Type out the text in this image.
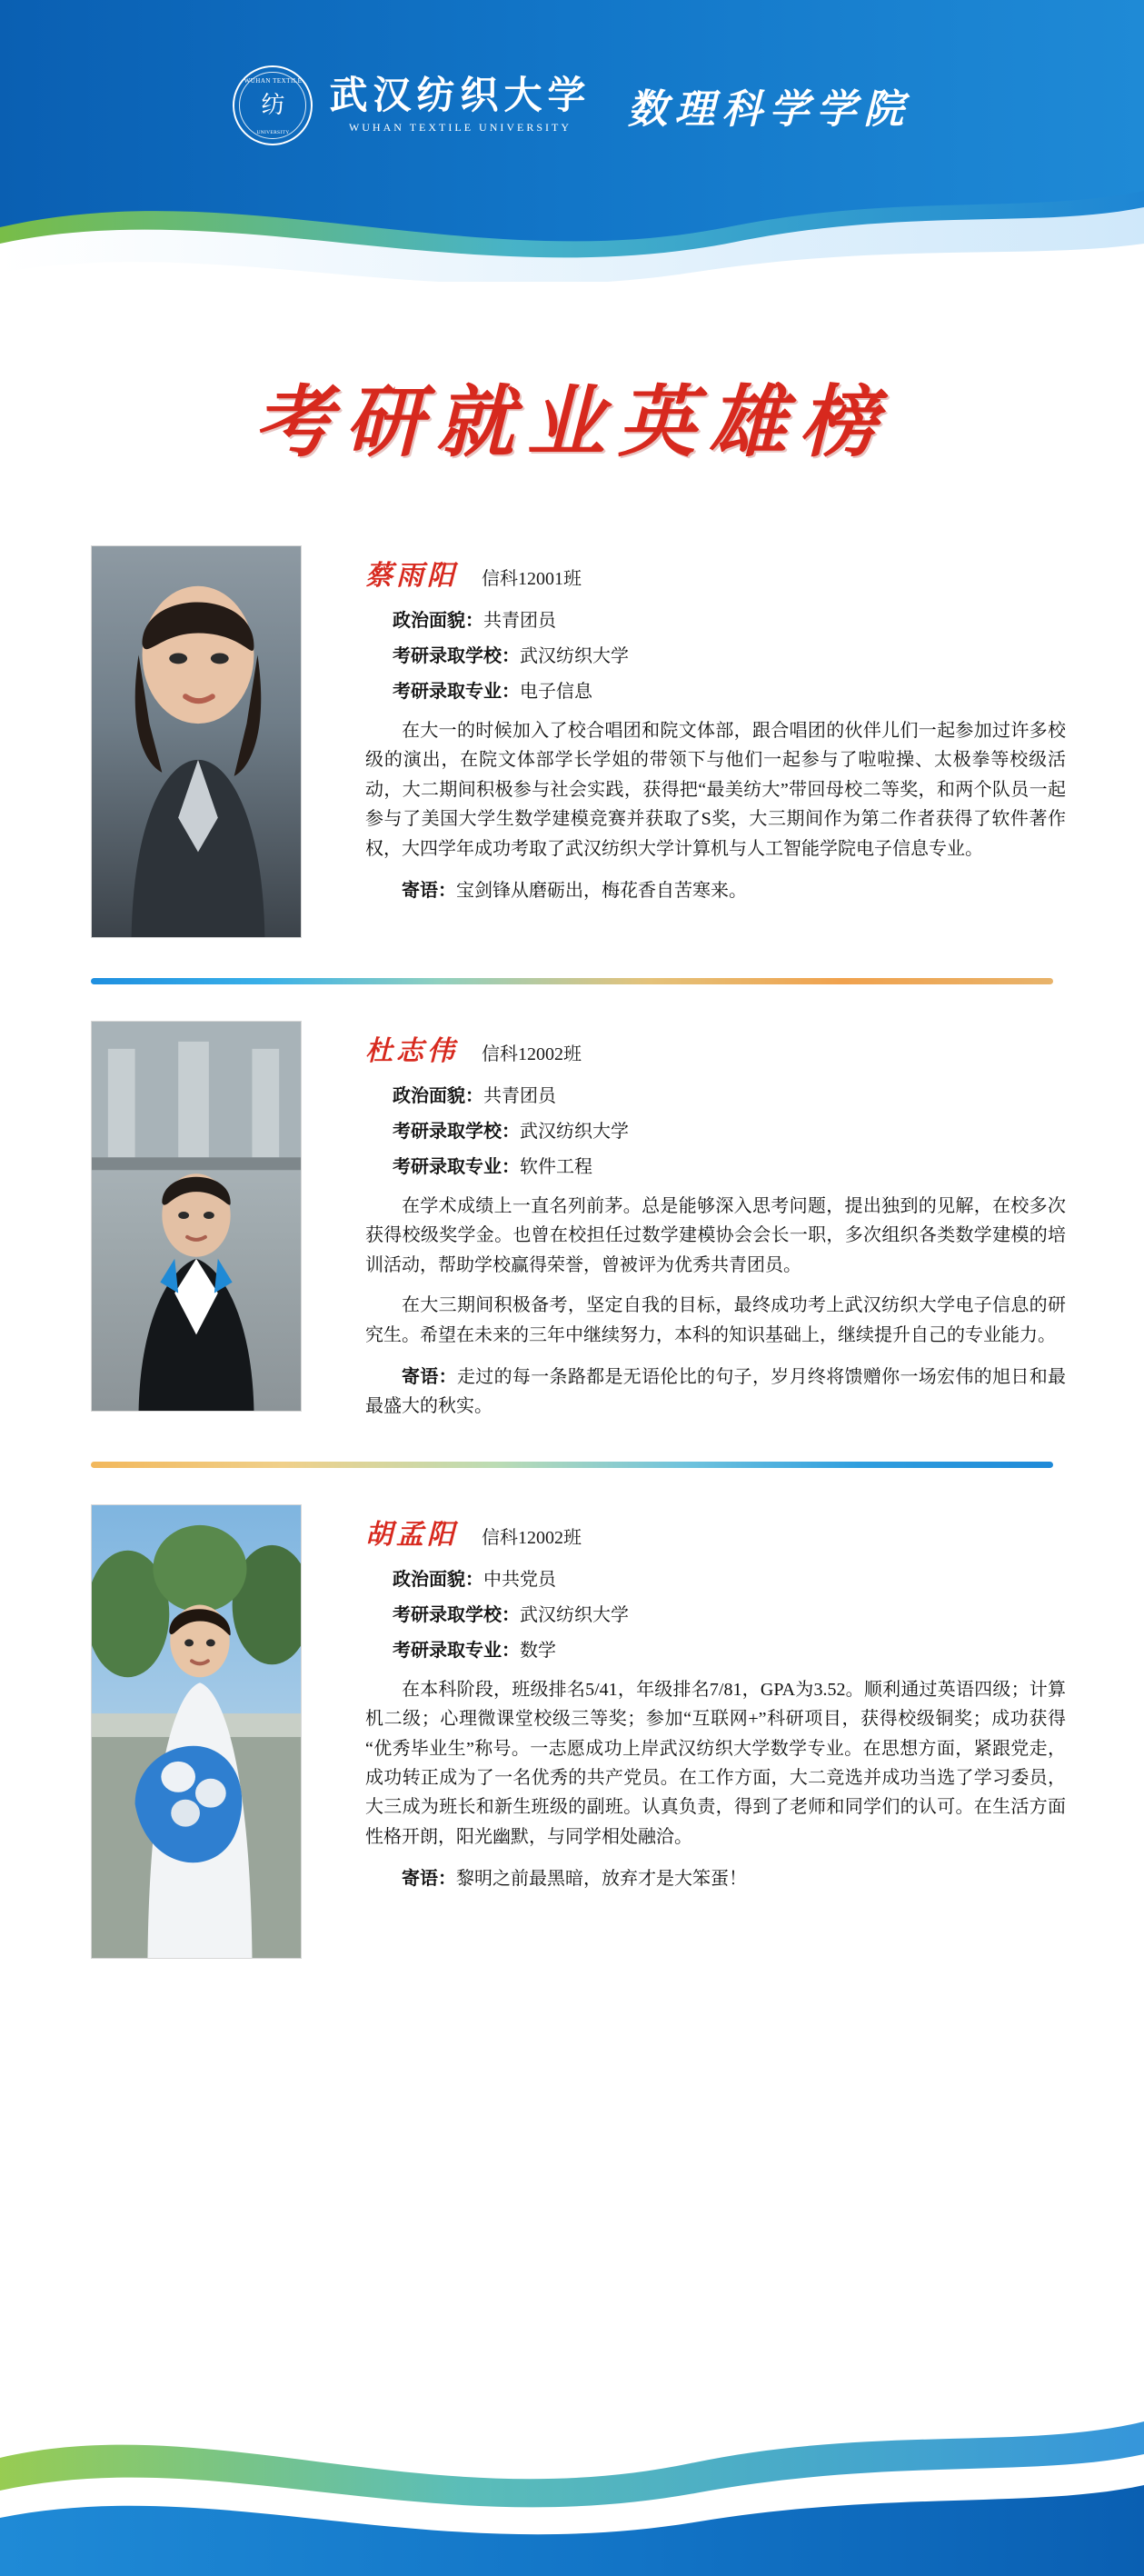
WUHAN TEXTILE
纺
UNIVERSITY
武汉纺织大学
WUHAN TEXTILE UNIVERSITY	数理科学学院
考研就业英雄榜
蔡雨阳 信科12001班
政治面貌：共青团员
考研录取学校：武汉纺织大学
考研录取专业：电子信息

在大一的时候加入了校合唱团和院文体部，跟合唱团的伙伴儿们一起参加过许多校级的演出，在院文体部学长学姐的带领下与他们一起参与了啦啦操、太极拳等校级活动，大二期间积极参与社会实践，获得把“最美纺大”带回母校二等奖，和两个队员一起参与了美国大学生数学建模竞赛并获取了S奖，大三期间作为第二作者获得了软件著作权，大四学年成功考取了武汉纺织大学计算机与人工智能学院电子信息专业。

寄语：宝剑锋从磨砺出，梅花香自苦寒来。

杜志伟 信科12002班
政治面貌：共青团员
考研录取学校：武汉纺织大学
考研录取专业：软件工程

在学术成绩上一直名列前茅。总是能够深入思考问题，提出独到的见解，在校多次获得校级奖学金。也曾在校担任过数学建模协会会长一职，多次组织各类数学建模的培训活动，帮助学校赢得荣誉，曾被评为优秀共青团员。

在大三期间积极备考，坚定自我的目标，最终成功考上武汉纺织大学电子信息的研究生。希望在未来的三年中继续努力，本科的知识基础上，继续提升自己的专业能力。

寄语：走过的每一条路都是无语伦比的句子，岁月终将馈赠你一场宏伟的旭日和最最盛大的秋实。

胡孟阳 信科12002班
政治面貌：中共党员
考研录取学校：武汉纺织大学
考研录取专业：数学

在本科阶段，班级排名5/41，年级排名7/81，GPA为3.52。顺利通过英语四级；计算机二级；心理微课堂校级三等奖；参加“互联网+”科研项目，获得校级铜奖；成功获得“优秀毕业生”称号。一志愿成功上岸武汉纺织大学数学专业。在思想方面，紧跟党走，成功转正成为了一名优秀的共产党员。在工作方面，大二竞选并成功当选了学习委员，大三成为班长和新生班级的副班。认真负责，得到了老师和同学们的认可。在生活方面性格开朗，阳光幽默，与同学相处融洽。

寄语：黎明之前最黑暗，放弃才是大笨蛋！
